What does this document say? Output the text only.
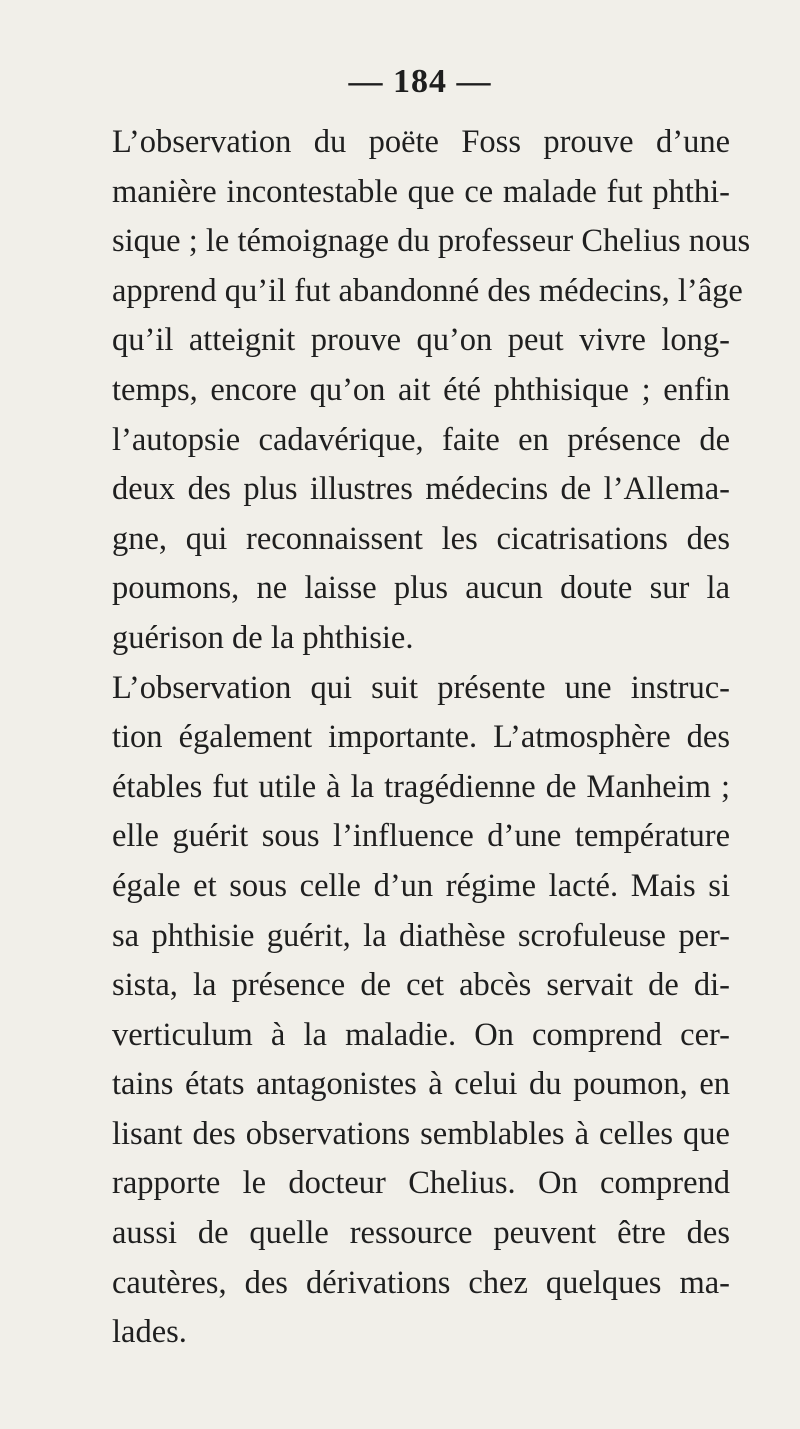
— 184 —
L’observation du poëte Foss prouve d’une
manière incontestable que ce malade fut phthi-
sique ; le témoignage du professeur Chelius nous
apprend qu’il fut abandonné des médecins, l’âge
qu’il atteignit prouve qu’on peut vivre long-
temps, encore qu’on ait été phthisique ; enfin
l’autopsie cadavérique, faite en présence de
deux des plus illustres médecins de l’Allema-
gne, qui reconnaissent les cicatrisations des
poumons, ne laisse plus aucun doute sur la
guérison de la phthisie.
L’observation qui suit présente une instruc-
tion également importante. L’atmosphère des
étables fut utile à la tragédienne de Manheim ;
elle guérit sous l’influence d’une température
égale et sous celle d’un régime lacté. Mais si
sa phthisie guérit, la diathèse scrofuleuse per-
sista, la présence de cet abcès servait de di-
verticulum à la maladie. On comprend cer-
tains états antagonistes à celui du poumon, en
lisant des observations semblables à celles que
rapporte le docteur Chelius. On comprend
aussi de quelle ressource peuvent être des
cautères, des dérivations chez quelques ma-
lades.
